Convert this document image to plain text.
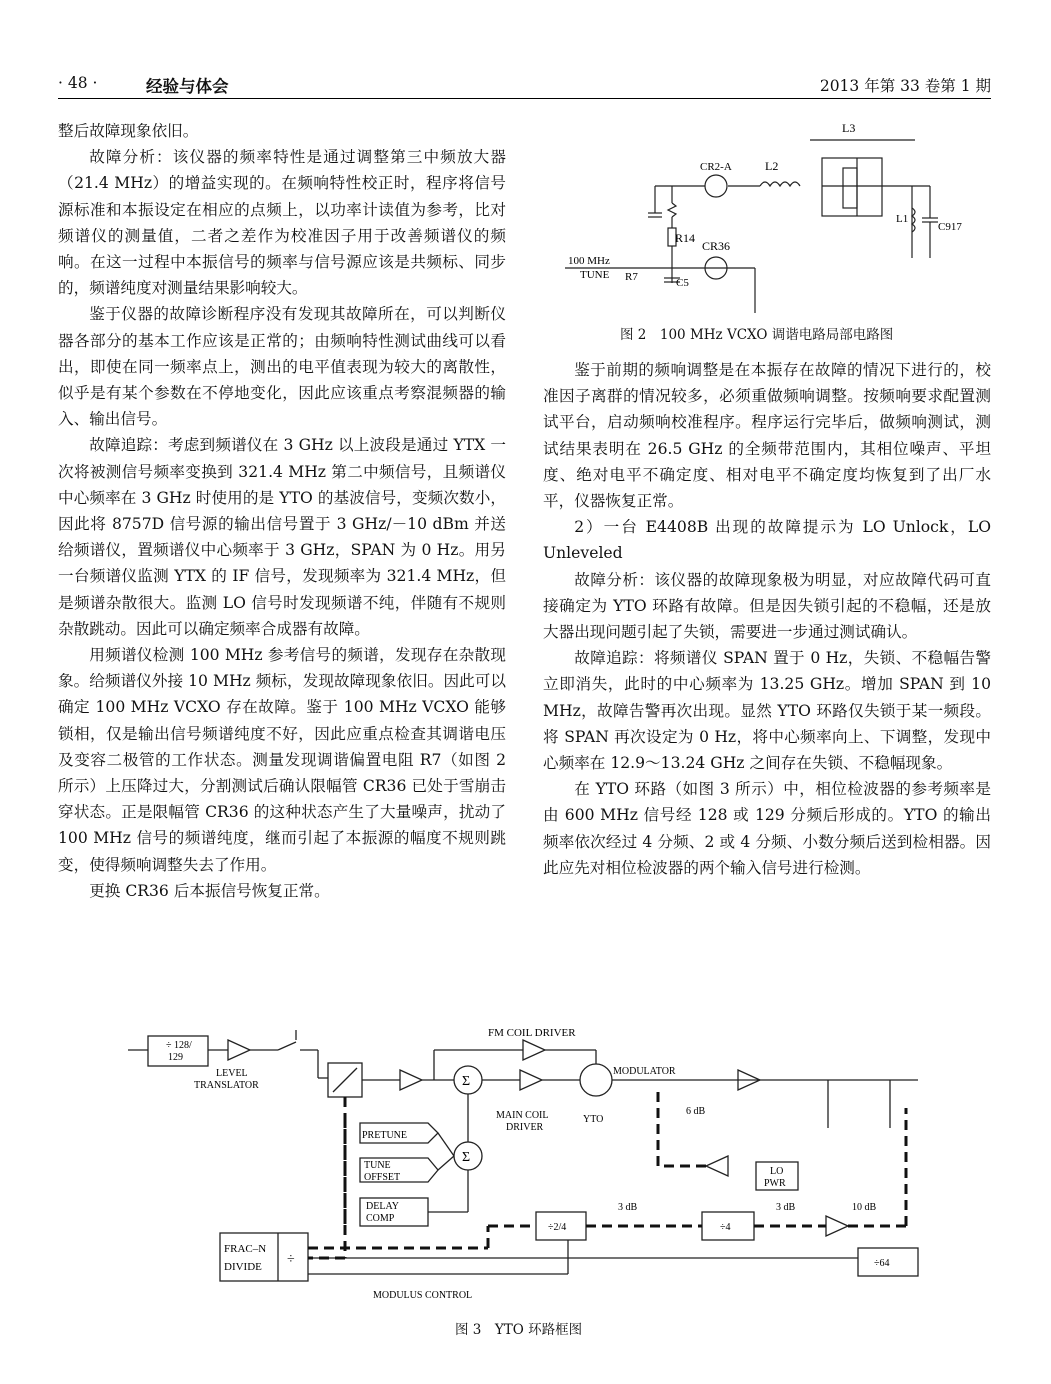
· 48 ·	经验与体会	2013 年第 33 卷第 1 期

整后故障现象依旧。

故障分析：该仪器的频率特性是通过调整第三中频放大器（21.4 MHz）的增益实现的。在频响特性校正时，程序将信号源标准和本振设定在相应的点频上，以功率计读值为参考，比对频谱仪的测量值，二者之差作为校准因子用于改善频谱仪的频响。在这一过程中本振信号的频率与信号源应该是共频标、同步的，频谱纯度对测量结果影响较大。

鉴于仪器的故障诊断程序没有发现其故障所在，可以判断仪器各部分的基本工作应该是正常的；由频响特性测试曲线可以看出，即使在同一频率点上，测出的电平值表现为较大的离散性，似乎是有某个参数在不停地变化，因此应该重点考察混频器的输入、输出信号。

故障追踪：考虑到频谱仪在 3 GHz 以上波段是通过 YTX 一次将被测信号频率变换到 321.4 MHz 第二中频信号，且频谱仪中心频率在 3 GHz 时使用的是 YTO 的基波信号，变频次数小，因此将 8757D 信号源的输出信号置于 3 GHz/－10 dBm 并送给频谱仪，置频谱仪中心频率于 3 GHz，SPAN 为 0 Hz。用另一台频谱仪监测 YTX 的 IF 信号，发现频率为 321.4 MHz，但是频谱杂散很大。监测 LO 信号时发现频谱不纯，伴随有不规则杂散跳动。因此可以确定频率合成器有故障。

用频谱仪检测 100 MHz 参考信号的频谱，发现存在杂散现象。给频谱仪外接 10 MHz 频标，发现故障现象依旧。因此可以确定 100 MHz VCXO 存在故障。鉴于 100 MHz VCXO 能够锁相，仅是输出信号频谱纯度不好，因此应重点检查其调谐电压及变容二极管的工作状态。测量发现调谐偏置电阻 R7（如图 2 所示）上压降过大，分割测试后确认限幅管 CR36 已处于雪崩击穿状态。正是限幅管 CR36 的这种状态产生了大量噪声，扰动了 100 MHz 信号的频谱纯度，继而引起了本振源的幅度不规则跳变，使得频响调整失去了作用。

更换 CR36 后本振信号恢复正常。

L3
CR2-A	L2
R14
CR36
100 MHz
TUNE R7	C5
L1
C917
图 2　100 MHz VCXO 调谐电路局部电路图

鉴于前期的频响调整是在本振存在故障的情况下进行的，校准因子离群的情况较多，必须重做频响调整。按频响要求配置测试平台，启动频响校准程序。程序运行完毕后，做频响测试，测试结果表明在 26.5 GHz 的全频带范围内，其相位噪声、平坦度、绝对电平不确定度、相对电平不确定度均恢复到了出厂水平，仪器恢复正常。

2）一台 E4408B 出现的故障提示为 LO Unlock，LO Unleveled

故障分析：该仪器的故障现象极为明显，对应故障代码可直接确定为 YTO 环路有故障。但是因失锁引起的不稳幅，还是放大器出现问题引起了失锁，需要进一步通过测试确认。

故障追踪：将频谱仪 SPAN 置于 0 Hz，失锁、不稳幅告警立即消失，此时的中心频率为 13.25 GHz。增加 SPAN 到 10 MHz，故障告警再次出现。显然 YTO 环路仅失锁于某一频段。将 SPAN 再次设定为 0 Hz，将中心频率向上、下调整，发现中心频率在 12.9～13.24 GHz 之间存在失锁、不稳幅现象。

在 YTO 环路（如图 3 所示）中，相位检波器的参考频率是由 600 MHz 信号经 128 或 129 分频后形成的。YTO 的输出频率依次经过 4 分频、2 或 4 分频、小数分频后送到检相器。因此应先对相位检波器的两个输入信号进行检测。

÷ 128/
129
LEVEL
TRANSLATOR
FM COIL DRIVER
MODULATOR
6 dB
MAIN COIL
DRIVER
YTO
PRETUNE
TUNE
OFFSET
DELAY
COMP
LO
PWR
FRAC–N
DIVIDE ÷
÷2/4
3 dB
÷4
3 dB	10 dB
÷64
MODULUS CONTROL
Σ
Σ
图 3　YTO 环路框图
